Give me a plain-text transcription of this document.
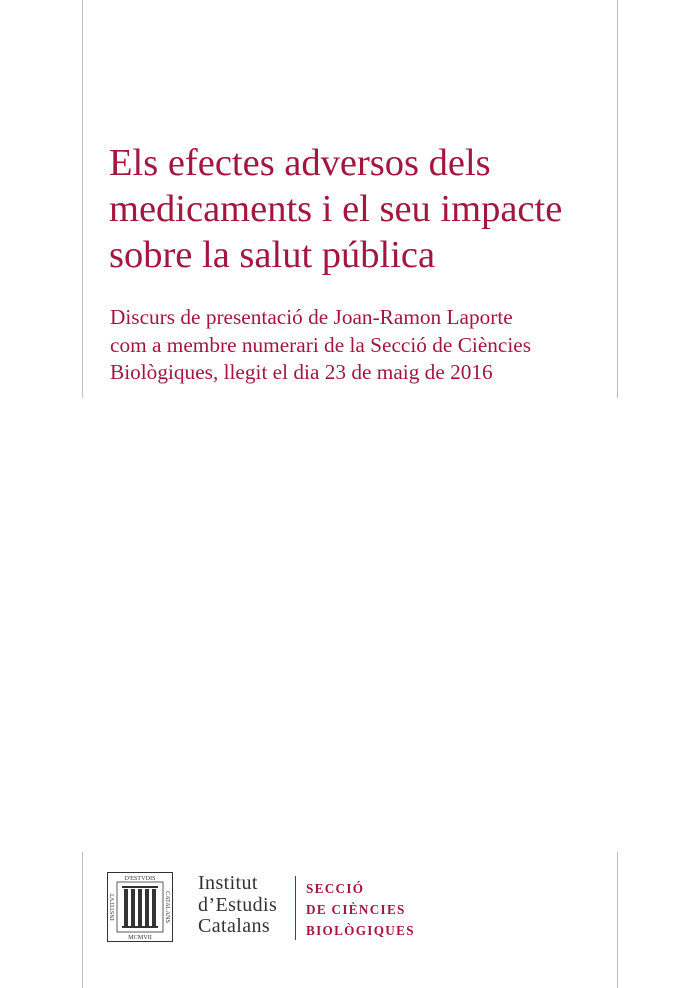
Els efectes adversos dels
medicaments i el seu impacte
sobre la salut pública
Discurs de presentació de Joan-Ramon Laporte
com a membre numerari de la Secció de Ciències
Biològiques, llegit el dia 23 de maig de 2016
D'ESTVDIS
MCMVII
INSTITVT	CATALANS
Institut
d’Estudis
Catalans
SECCIÓ
DE CIÈNCIES
BIOLÒGIQUES
